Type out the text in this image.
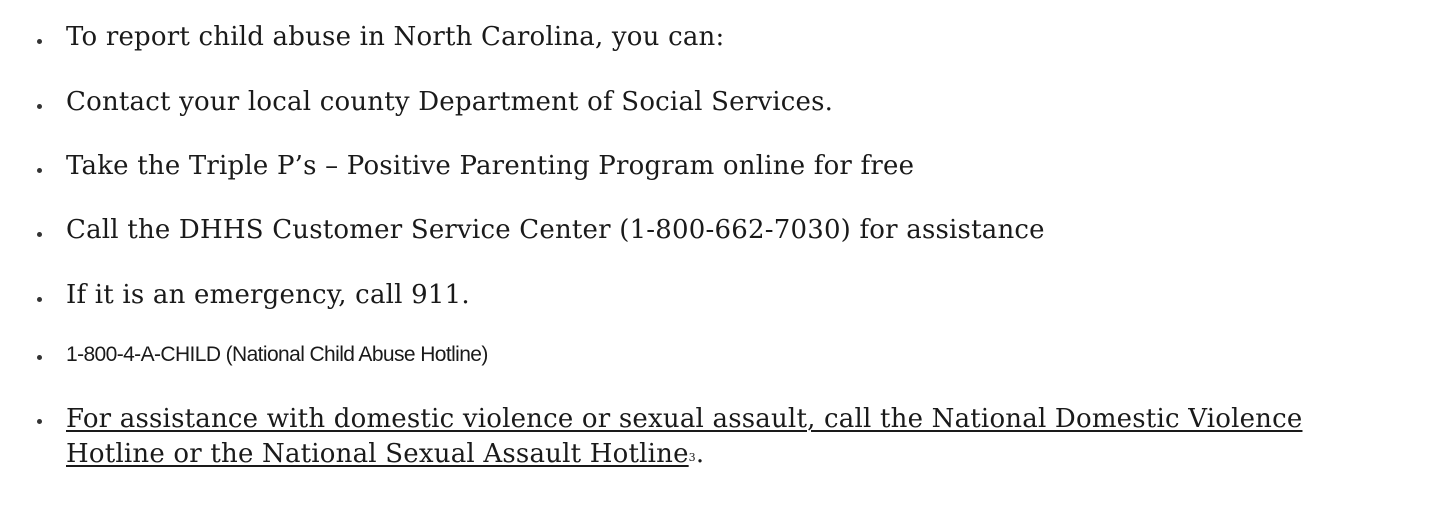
To report child abuse in North Carolina, you can:
Contact your local county Department of Social Services.
Take the Triple P’s – Positive Parenting Program online for free
Call the DHHS Customer Service Center (1-800-662-7030) for assistance
If it is an emergency, call 911.
1-800-4-A-CHILD (National Child Abuse Hotline)
For assistance with domestic violence or sexual assault, call the National Domestic Violence Hotline or the National Sexual Assault Hotline3.
